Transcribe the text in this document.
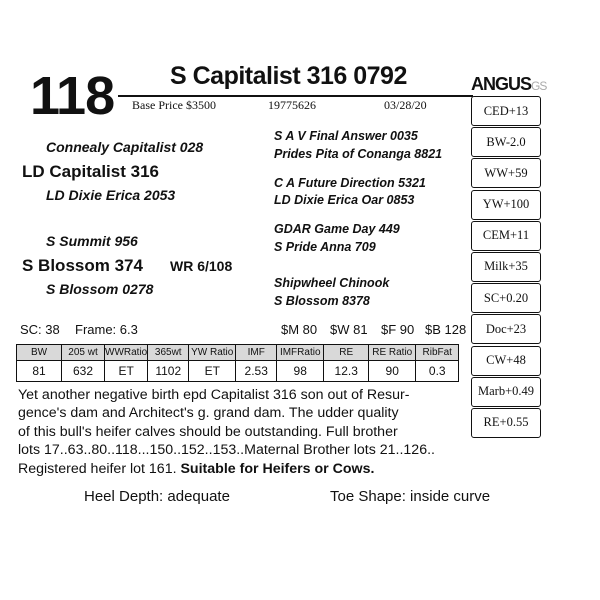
118 S Capitalist 316 0792
Base Price $3500	19775626	03/28/20
ANGUSGS
Connealy Capitalist 028
LD Capitalist 316
LD Dixie Erica 2053
S Summit 956
S Blossom 374 WR 6/108
S Blossom 0278
S A V Final Answer 0035
Prides Pita of Conanga 8821
C A Future Direction 5321
LD Dixie Erica Oar 0853
GDAR Game Day 449
S Pride Anna 709
Shipwheel Chinook
S Blossom 8378
SC: 38 Frame: 6.3	$M 80 $W 81 $F 90 $B 128
BW	205 wt	WWRatio	365wt	YW Ratio	IMF	IMFRatio	RE	RE Ratio	RibFat
81	632	ET	1102	ET	2.53	98	12.3	90	0.3
CED+13
BW-2.0
WW+59
YW+100
CEM+11
Milk+35
SC+0.20
Doc+23
CW+48
Marb+0.49
RE+0.55
Yet another negative birth epd Capitalist 316 son out of Resur-
gence's dam and Architect's g. grand dam. The udder quality
of this bull's heifer calves should be outstanding. Full brother
lots 17..63..80..118...150..152..153..Maternal Brother lots 21..126..
Registered heifer lot 161. Suitable for Heifers or Cows.
Heel Depth: adequate	Toe Shape: inside curve
